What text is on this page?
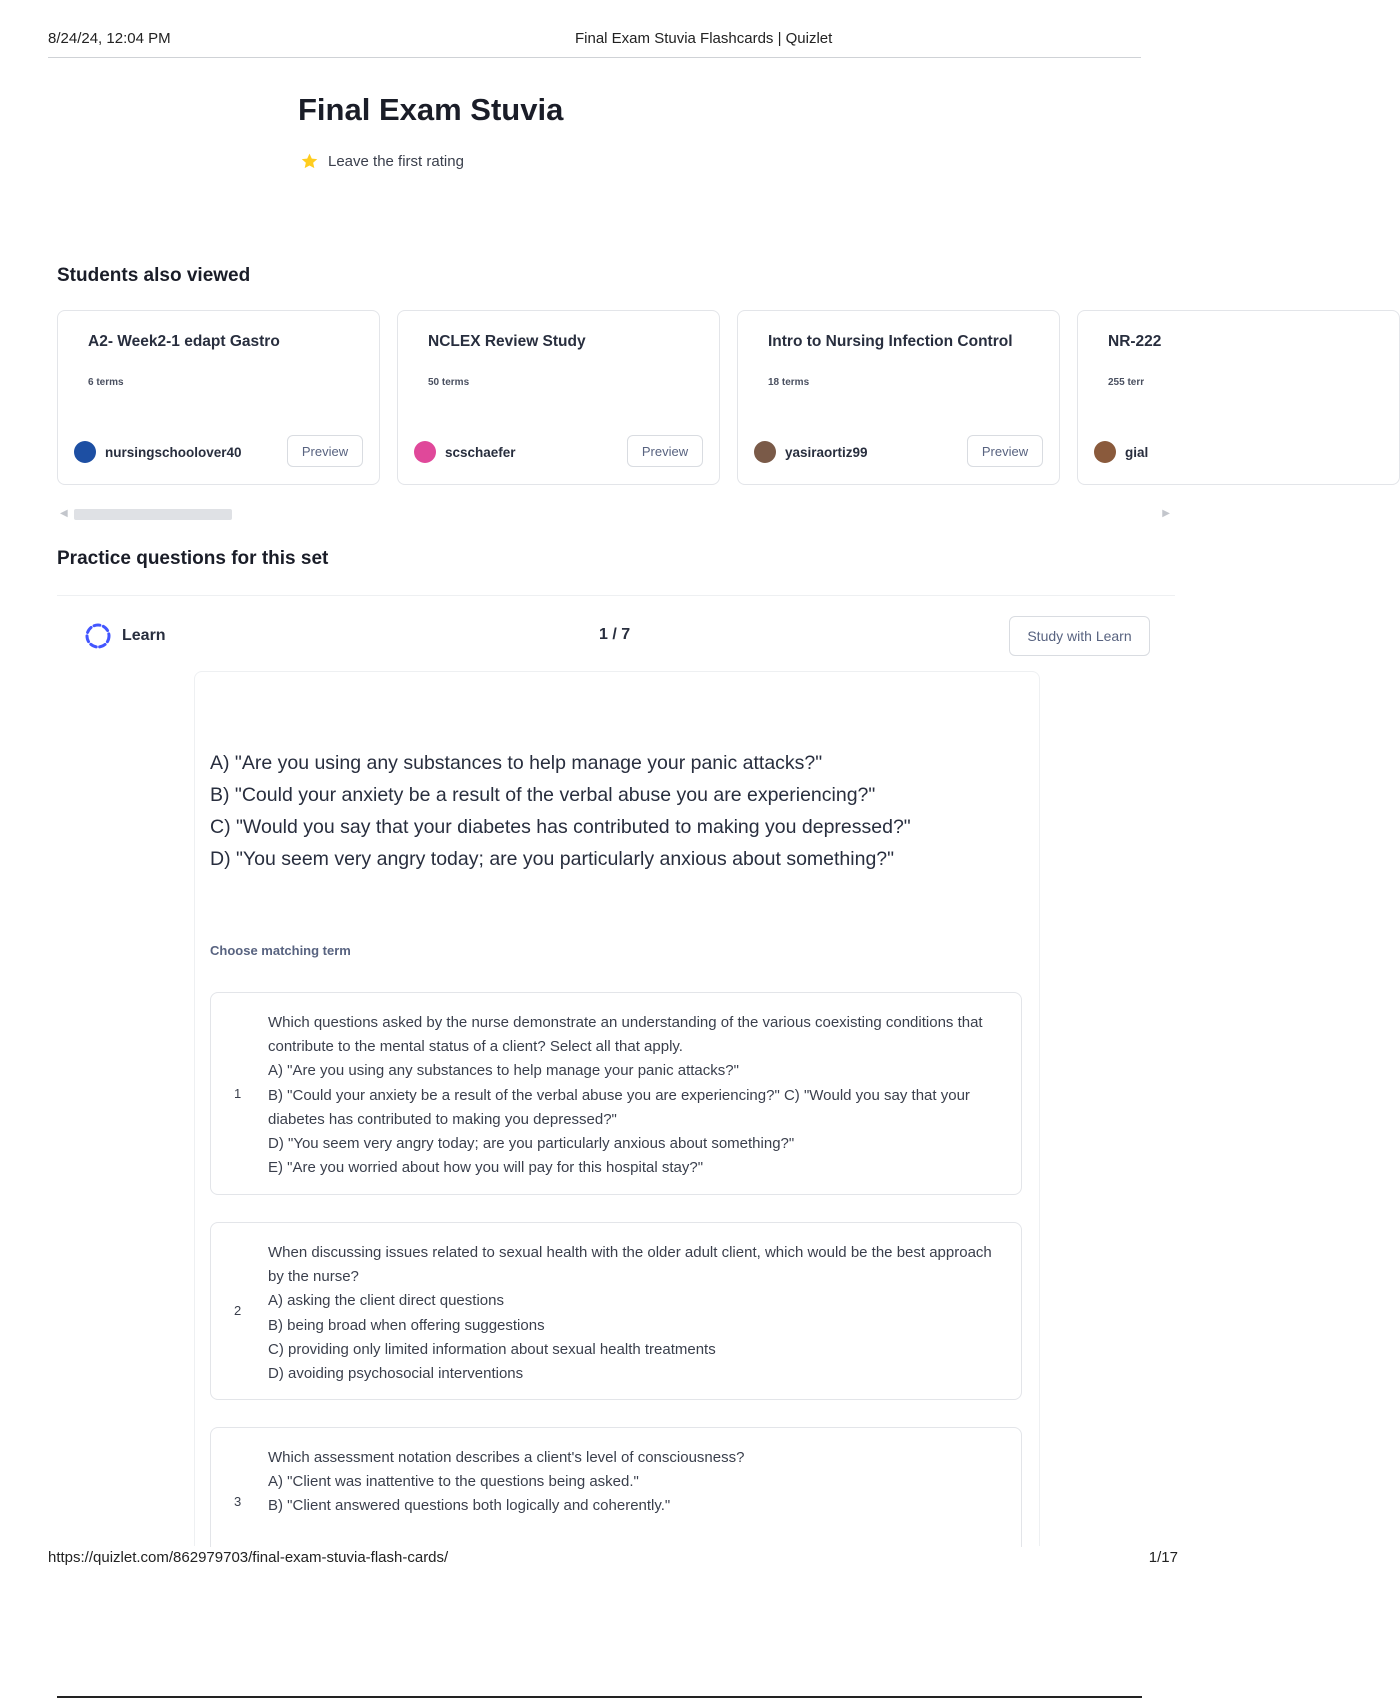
8/24/24, 12:04 PM	Final Exam Stuvia Flashcards | Quizlet
Final Exam Stuvia
Leave the first rating
Students also viewed
A2- Week2-1 edapt Gastro
6 terms
nursingschoolover40	Preview
NCLEX Review Study
50 terms
scschaefer	Preview
Intro to Nursing Infection Control
18 terms
yasiraortiz99	Preview
NR-222
255 terr
gial
◀	▶
Practice questions for this set
Learn	1 / 7	Study with Learn
A) "Are you using any substances to help manage your panic attacks?"
B) "Could your anxiety be a result of the verbal abuse you are experiencing?"
C) "Would you say that your diabetes has contributed to making you depressed?"
D) "You seem very angry today; are you particularly anxious about something?"
Choose matching term
1
Which questions asked by the nurse demonstrate an understanding of the various coexisting conditions that contribute to the mental status of a client? Select all that apply.
A) "Are you using any substances to help manage your panic attacks?"
B) "Could your anxiety be a result of the verbal abuse you are experiencing?" C) "Would you say that your diabetes has contributed to making you depressed?"
D) "You seem very angry today; are you particularly anxious about something?"
E) "Are you worried about how you will pay for this hospital stay?"
2
When discussing issues related to sexual health with the older adult client, which would be the best approach by the nurse?
A) asking the client direct questions
B) being broad when offering suggestions
C) providing only limited information about sexual health treatments
D) avoiding psychosocial interventions
3
Which assessment notation describes a client's level of consciousness?
A) "Client was inattentive to the questions being asked."
B) "Client answered questions both logically and coherently."
https://quizlet.com/862979703/final-exam-stuvia-flash-cards/	1/17
